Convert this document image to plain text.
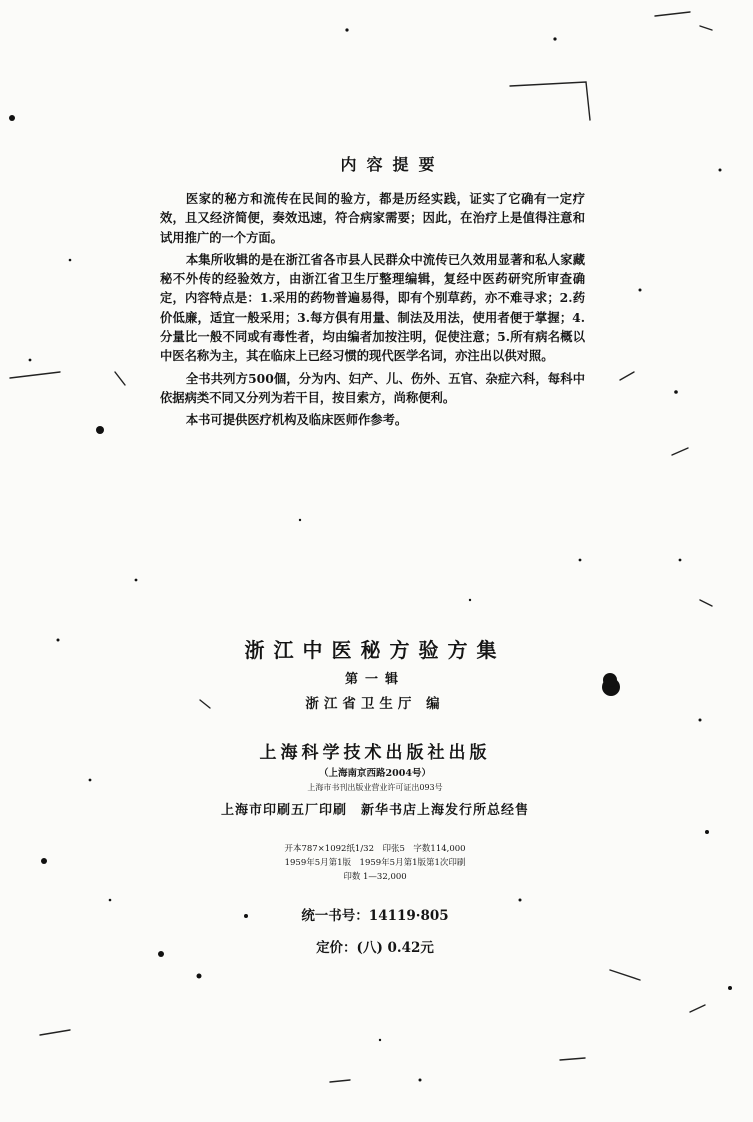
内容提要

医家的秘方和流传在民间的验方，都是历经实践，证实了它确有一定疗效，且又经济简便，奏效迅速，符合病家需要；因此，在治疗上是值得注意和试用推广的一个方面。

本集所收辑的是在浙江省各市县人民群众中流传已久效用显著和私人家藏秘不外传的经验效方，由浙江省卫生厅整理编辑，复经中医药研究所审查确定，内容特点是：1.采用的药物普遍易得，即有个别草药，亦不难寻求；2.药价低廉，适宜一般采用；3.每方俱有用量、制法及用法，使用者便于掌握；4.分量比一般不同或有毒性者，均由编者加按注明，促使注意；5.所有病名概以中医名称为主，其在临床上已经习惯的现代医学名词，亦注出以供对照。

全书共列方500個，分为内、妇产、儿、伤外、五官、杂症六科，每科中依据病类不同又分列为若干目，按目索方，尚称便利。

本书可提供医疗机构及临床医师作参考。

浙江中医秘方验方集
第一辑
浙江省卫生厅 编
上海科学技术出版社出版
（上海南京西路2004号）
上海市书刊出版业营业许可证出093号
上海市印刷五厂印刷　新华书店上海发行所总经售
开本787×1092纸1/32　印张5　字数114,000
1959年5月第1版　1959年5月第1版第1次印刷
印数 1—32,000
统一书号：14119·805
定价：(八) 0.42元
